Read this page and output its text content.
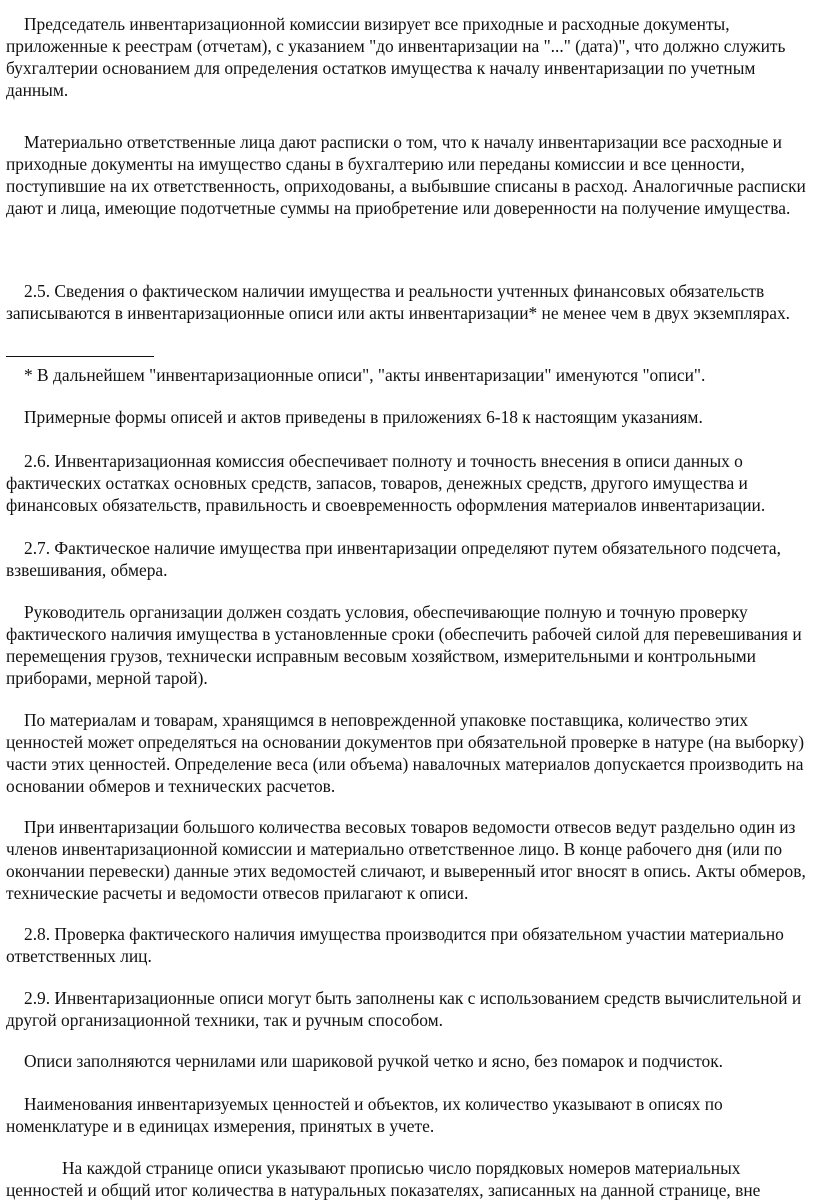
Председатель инвентаризационной комиссии визирует все приходные и расходные документы, приложенные к реестрам (отчетам), с указанием "до инвентаризации на "..." (дата)", что должно служить бухгалтерии основанием для определения остатков имущества к началу инвентаризации по учетным данным.

Материально ответственные лица дают расписки о том, что к началу инвентаризации все расходные и приходные документы на имущество сданы в бухгалтерию или переданы комиссии и все ценности, поступившие на их ответственность, оприходованы, а выбывшие списаны в расход. Аналогичные расписки дают и лица, имеющие подотчетные суммы на приобретение или доверенности на получение имущества.

2.5. Сведения о фактическом наличии имущества и реальности учтенных финансовых обязательств записываются в инвентаризационные описи или акты инвентаризации* не менее чем в двух экземплярах.

* В дальнейшем "инвентаризационные описи", "акты инвентаризации" именуются "описи".

Примерные формы описей и актов приведены в приложениях 6-18 к настоящим указаниям.

2.6. Инвентаризационная комиссия обеспечивает полноту и точность внесения в описи данных о фактических остатках основных средств, запасов, товаров, денежных средств, другого имущества и финансовых обязательств, правильность и своевременность оформления материалов инвентаризации.

2.7. Фактическое наличие имущества при инвентаризации определяют путем обязательного подсчета, взвешивания, обмера.

Руководитель организации должен создать условия, обеспечивающие полную и точную проверку фактического наличия имущества в установленные сроки (обеспечить рабочей силой для перевешивания и перемещения грузов, технически исправным весовым хозяйством, измерительными и контрольными приборами, мерной тарой).

По материалам и товарам, хранящимся в неповрежденной упаковке поставщика, количество этих ценностей может определяться на основании документов при обязательной проверке в натуре (на выборку) части этих ценностей. Определение веса (или объема) навалочных материалов допускается производить на основании обмеров и технических расчетов.

При инвентаризации большого количества весовых товаров ведомости отвесов ведут раздельно один из членов инвентаризационной комиссии и материально ответственное лицо. В конце рабочего дня (или по окончании перевески) данные этих ведомостей сличают, и выверенный итог вносят в опись. Акты обмеров, технические расчеты и ведомости отвесов прилагают к описи.

2.8. Проверка фактического наличия имущества производится при обязательном участии материально ответственных лиц.

2.9. Инвентаризационные описи могут быть заполнены как с использованием средств вычислительной и другой организационной техники, так и ручным способом.

Описи заполняются чернилами или шариковой ручкой четко и ясно, без помарок и подчисток.

Наименования инвентаризуемых ценностей и объектов, их количество указывают в описях по номенклатуре и в единицах измерения, принятых в учете.

На каждой странице описи указывают прописью число порядковых номеров материальных ценностей и общий итог количества в натуральных показателях, записанных на данной странице, вне
